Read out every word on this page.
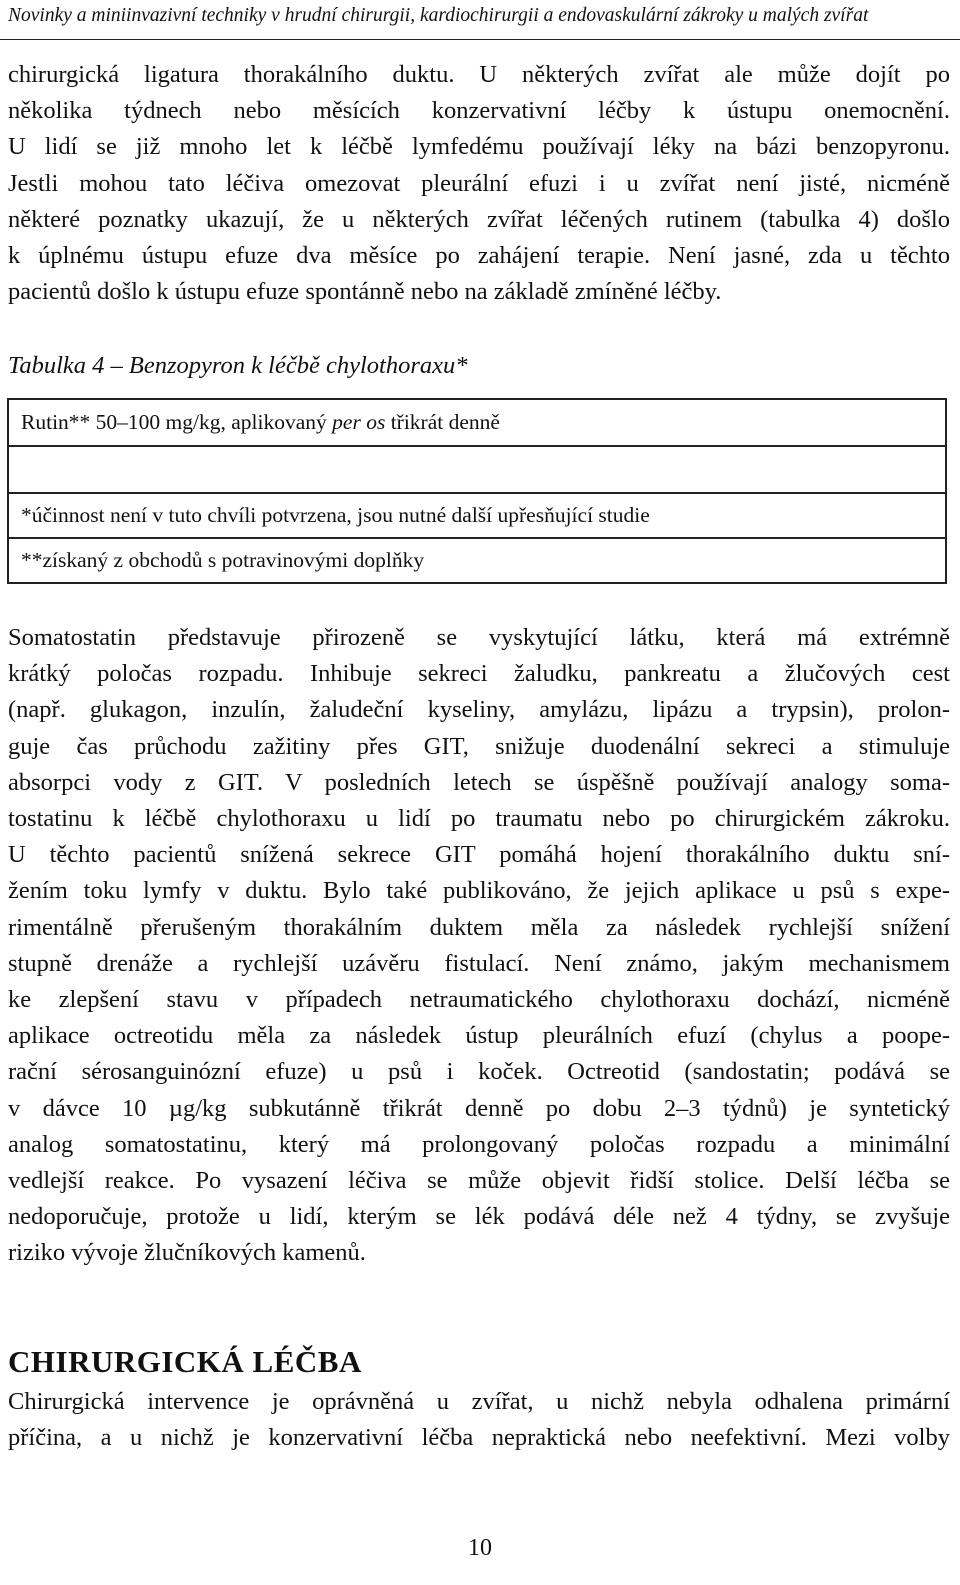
Novinky a miniinvazivní techniky v hrudní chirurgii, kardiochirurgii a endovaskulární zákroky u malých zvířat
chirurgická ligatura thorakálního duktu. U některých zvířat ale může dojít po
několika týdnech nebo měsících konzervativní léčby k ústupu onemocnění.
U lidí se již mnoho let k léčbě lymfedému používají léky na bázi benzopyronu.
Jestli mohou tato léčiva omezovat pleurální efuzi i u zvířat není jisté, nicméně
některé poznatky ukazují, že u některých zvířat léčených rutinem (tabulka 4) došlo
k úplnému ústupu efuze dva měsíce po zahájení terapie. Není jasné, zda u těchto
pacientů došlo k ústupu efuze spontánně nebo na základě zmíněné léčby.
Tabulka 4 – Benzopyron k léčbě chylothoraxu*
Rutin** 50–100 mg/kg, aplikovaný per os třikrát denně
*účinnost není v tuto chvíli potvrzena, jsou nutné další upřesňující studie
**získaný z obchodů s potravinovými doplňky
Somatostatin představuje přirozeně se vyskytující látku, která má extrémně
krátký poločas rozpadu. Inhibuje sekreci žaludku, pankreatu a žlučových cest
(např. glukagon, inzulín, žaludeční kyseliny, amylázu, lipázu a trypsin), prolon-
guje čas průchodu zažitiny přes GIT, snižuje duodenální sekreci a stimuluje
absorpci vody z GIT. V posledních letech se úspěšně používají analogy soma-
tostatinu k léčbě chylothoraxu u lidí po traumatu nebo po chirurgickém zákroku.
U těchto pacientů snížená sekrece GIT pomáhá hojení thorakálního duktu sní-
žením toku lymfy v duktu. Bylo také publikováno, že jejich aplikace u psů s expe-
rimentálně přerušeným thorakálním duktem měla za následek rychlejší snížení
stupně drenáže a rychlejší uzávěru fistulací. Není známo, jakým mechanismem
ke zlepšení stavu v případech netraumatického chylothoraxu dochází, nicméně
aplikace octreotidu měla za následek ústup pleurálních efuzí (chylus a poope-
rační sérosanguinózní efuze) u psů i koček. Octreotid (sandostatin; podává se
v dávce 10 µg/kg subkutánně třikrát denně po dobu 2–3 týdnů) je syntetický
analog somatostatinu, který má prolongovaný poločas rozpadu a minimální
vedlejší reakce. Po vysazení léčiva se může objevit řidší stolice. Delší léčba se
nedoporučuje, protože u lidí, kterým se lék podává déle než 4 týdny, se zvyšuje
riziko vývoje žlučníkových kamenů.
CHIRURGICKÁ LÉČBA
Chirurgická intervence je oprávněná u zvířat, u nichž nebyla odhalena primární
příčina, a u nichž je konzervativní léčba nepraktická nebo neefektivní. Mezi volby
10
